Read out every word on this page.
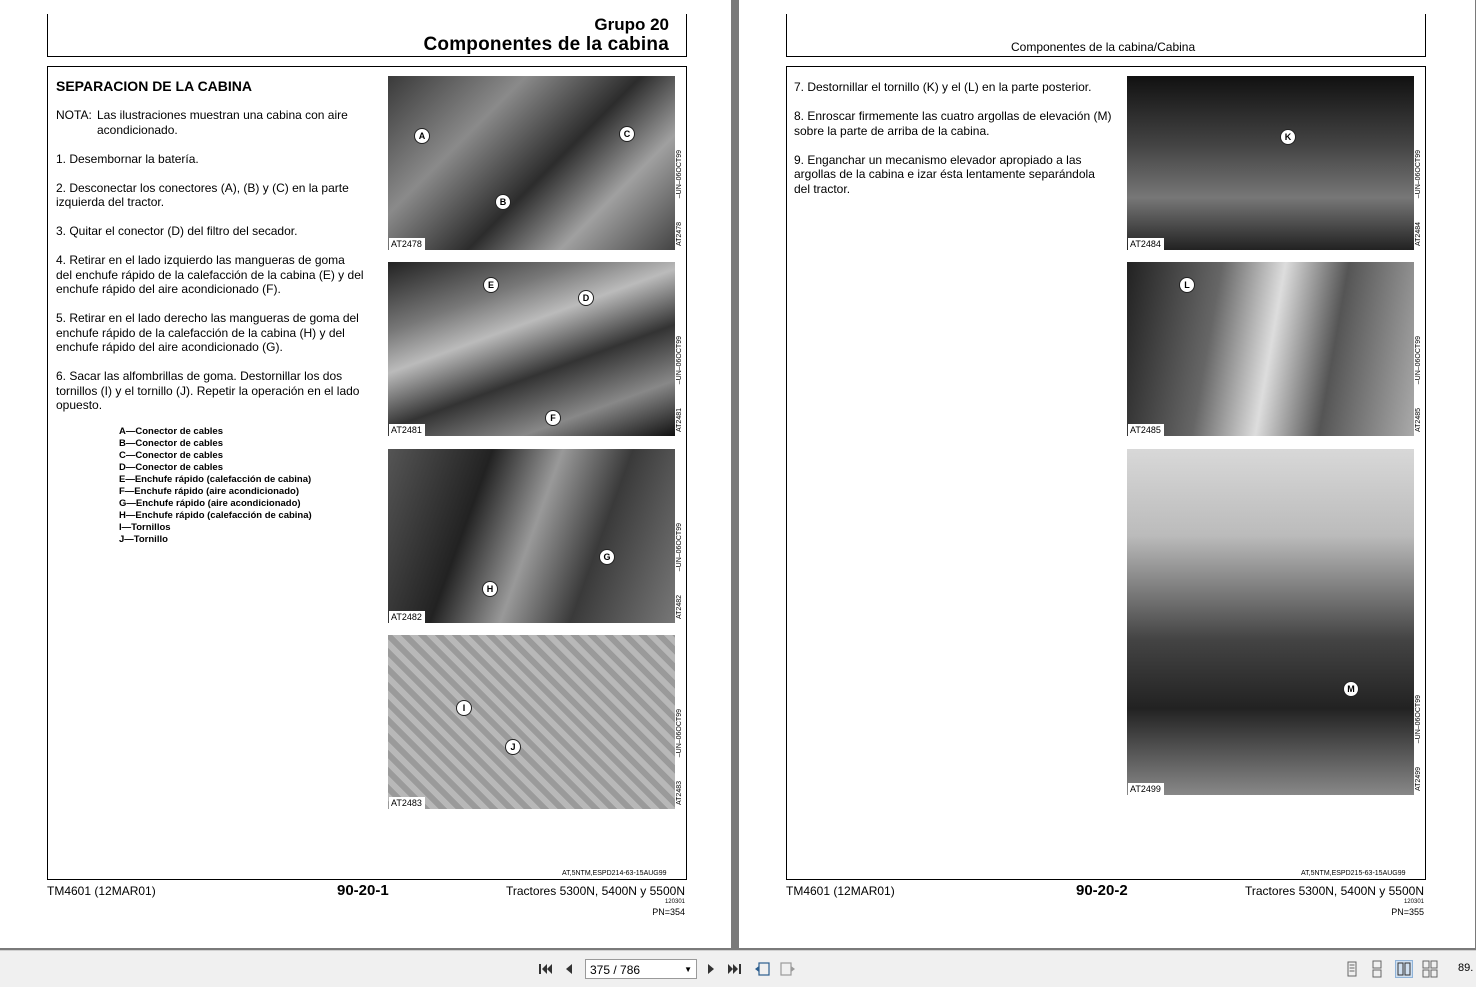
Grupo 20
Componentes de la cabina
SEPARACION DE LA CABINA
NOTA: Las ilustraciones muestran una cabina con aire acondicionado.

1. Desembornar la batería.

2. Desconectar los conectores (A), (B) y (C) en la parte izquierda del tractor.

3. Quitar el conector (D) del filtro del secador.

4. Retirar en el lado izquierdo las mangueras de goma del enchufe rápido de la calefacción de la cabina (E) y del enchufe rápido del aire acondicionado (F).

5. Retirar en el lado derecho las mangueras de goma del enchufe rápido de la calefacción de la cabina (H) y del enchufe rápido del aire acondicionado (G).

6. Sacar las alfombrillas de goma. Destornillar los dos tornillos (I) y el tornillo (J). Repetir la operación en el lado opuesto.

A—Conector de cables
B—Conector de cables
C—Conector de cables
D—Conector de cables
E—Enchufe rápido (calefacción de cabina)
F—Enchufe rápido (aire acondicionado)
G—Enchufe rápido (aire acondicionado)
H—Enchufe rápido (calefacción de cabina)
I—Tornillos
J—Tornillo
A
B
C
AT2478
–UN–06OCT99
AT2478
E
D
F
AT2481
–UN–06OCT99
AT2481
G
H
AT2482
–UN–06OCT99
AT2482
I
J
AT2483
–UN–06OCT99
AT2483
AT,5NTM,ESPD214-63-15AUG99
TM4601 (12MAR01)	90-20-1	Tractores 5300N, 5400N y 5500N
120301
PN=354
Componentes de la cabina/Cabina

7. Destornillar el tornillo (K) y el (L) en la parte posterior.

8. Enroscar firmemente las cuatro argollas de elevación (M) sobre la parte de arriba de la cabina.

9. Enganchar un mecanismo elevador apropiado a las argollas de la cabina e izar ésta lentamente separándola del tractor.

K
AT2484
–UN–06OCT99
AT2484
L
AT2485
–UN–06OCT99
AT2485
M
AT2499
–UN–06OCT99
AT2499
AT,5NTM,ESPD215-63-15AUG99
TM4601 (12MAR01)	90-20-2	Tractores 5300N, 5400N y 5500N
120301
PN=355
375 / 786	▼	89.
